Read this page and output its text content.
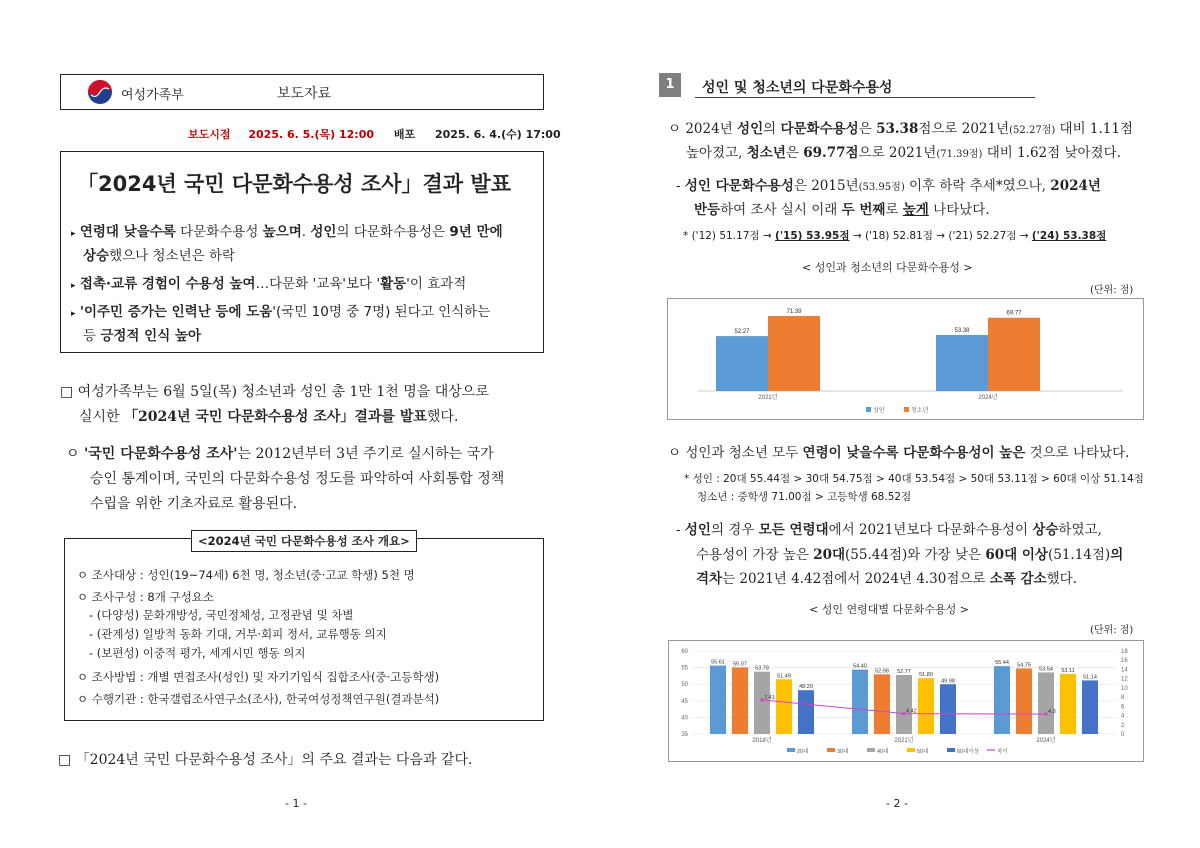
여성가족부	보도자료
보도시점 2025. 6. 5.(목) 12:00 배포 2025. 6. 4.(수) 17:00
「2024년 국민 다문화수용성 조사」결과 발표
▸ 연령대 낮을수록 다문화수용성 높으며. 성인의 다문화수용성은 9년 만에
상승했으나 청소년은 하락
▸ 접촉·교류 경험이 수용성 높여…다문화 '교육'보다 '활동'이 효과적
▸ '이주민 증가는 인력난 등에 도움'(국민 10명 중 7명) 된다고 인식하는
등 긍정적 인식 높아
□ 여성가족부는 6월 5일(목) 청소년과 성인 총 1만 1천 명을 대상으로
실시한 「2024년 국민 다문화수용성 조사」결과를 발표했다.
ㅇ '국민 다문화수용성 조사'는 2012년부터 3년 주기로 실시하는 국가
승인 통계이며, 국민의 다문화수용성 정도를 파악하여 사회통합 정책
수립을 위한 기초자료로 활용된다.
<2024년 국민 다문화수용성 조사 개요>
ㅇ 조사대상 : 성인(19~74세) 6천 명, 청소년(중·고교 학생) 5천 명
ㅇ 조사구성 : 8개 구성요소
- (다양성) 문화개방성, 국민정체성, 고정관념 및 차별
- (관계성) 일방적 동화 기대, 거부·회피 정서, 교류행동 의지
- (보편성) 이중적 평가, 세계시민 행동 의지
ㅇ 조사방법 : 개별 면접조사(성인) 및 자기기입식 집합조사(중·고등학생)
ㅇ 수행기관 : 한국갤럽조사연구소(조사), 한국여성정책연구원(결과분석)
□ 「2024년 국민 다문화수용성 조사」의 주요 결과는 다음과 같다.
- 1 -
1	성인 및 청소년의 다문화수용성
ㅇ 2024년 성인의 다문화수용성은 53.38점으로 2021년(52.27점) 대비 1.11점
높아졌고, 청소년은 69.77점으로 2021년(71.39점) 대비 1.62점 낮아졌다.
- 성인 다문화수용성은 2015년(53.95점) 이후 하락 추세*였으나, 2024년
반등하여 조사 실시 이래 두 번째로 높게 나타났다.
* ('12) 51.17점 → ('15) 53.95점 → ('18) 52.81점 → ('21) 52.27점 → ('24) 53.38점
< 성인과 청소년의 다문화수용성 >
(단위: 점)
52.27
71.39
2021년
53.38
69.77
2024년
성인	청소년
ㅇ 성인과 청소년 모두 연령이 낮을수록 다문화수용성이 높은 것으로 나타났다.
* 성인 : 20대 55.44점 > 30대 54.75점 > 40대 53.54점 > 50대 53.11점 > 60대 이상 51.14점
청소년 : 중학생 71.00점 > 고등학생 68.52점
- 성인의 경우 모든 연령대에서 2021년보다 다문화수용성이 상승하였고,
수용성이 가장 높은 20대(55.44점)와 가장 낮은 60대 이상(51.14점)의
격차는 2021년 4.42점에서 2024년 4.30점으로 소폭 감소했다.
< 성인 연령대별 다문화수용성 >
(단위: 점)
35
40
45
50
55
60
0
2
4
6
8
10
12
14
16
18
55.61 55.07
53.78
51.49
48.20
2018년
54.40
52.98 52.77
51.80
49.98
2021년
55.44 54.75
53.54 53.11
51.14
2024년
7.41
4.42	4.3
20대	30대	40대	50대	60대이상	차이
- 2 -
